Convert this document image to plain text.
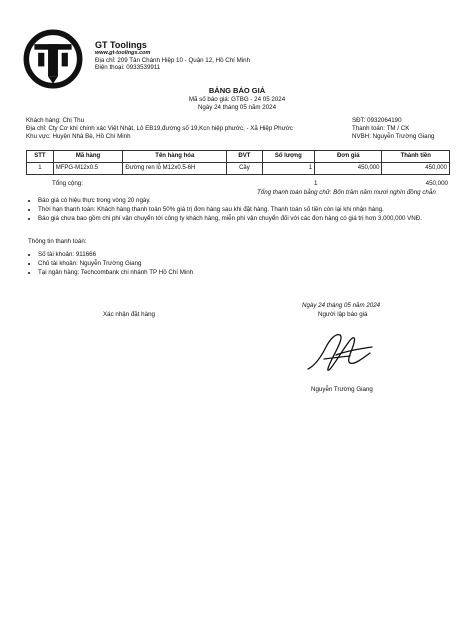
GT Toolings
www.gt-toolings.com
Địa chỉ: 209 Tân Chánh Hiệp 10 - Quận 12, Hồ Chí Minh
Điện thoại: 0933539911
BẢNG BÁO GIÁ
Mã số báo giá: GTBG - 24 05 2024
Ngày 24 tháng 05 năm 2024
Khách hàng: Chị Thu
Địa chỉ: Cty Cơ khí chính xác Việt Nhật, Lô EB19,đường số 19,Kcn hiệp phước, - Xã Hiệp Phước
Khu vực: Huyện Nhà Bè, Hồ Chí Minh
SĐT: 0932064190
Thanh toán: TM / CK
NVBH: Nguyễn Trường Giang
STT	Mã hàng	Tên hàng hóa	ĐVT	Số lượng	Đơn giá	Thành tiền
1	MFPG-M12x0.5	Đường ren lỗ M12x0.5-6H	Cây	1	450,000	450,000
Tổng cộng:	1	450,000
Tổng thanh toán bằng chữ: Bốn trăm năm mươi nghìn đồng chẵn
• Báo giá có hiệu thực trong vòng 20 ngày.
• Thời hạn thanh toán: Khách hàng thanh toán 50% giá trị đơn hàng sau khi đặt hàng. Thanh toán số tiền còn lại khi nhận hàng.
• Báo giá chưa bao gồm chi phí vận chuyển tới công ty khách hàng, miễn phí vận chuyển đối với các đơn hàng có giá trị hơn 3,000,000 VNĐ.
Thông tin thanh toán:
• Số tài khoản: 911666
• Chủ tài khoản: Nguyễn Trường Giang
• Tại ngân hàng: Techcombank chi nhánh TP Hồ Chí Minh
Xác nhận đặt hàng
Ngày 24 tháng 05 năm 2024
Người lập báo giá
Nguyễn Trường Giang
